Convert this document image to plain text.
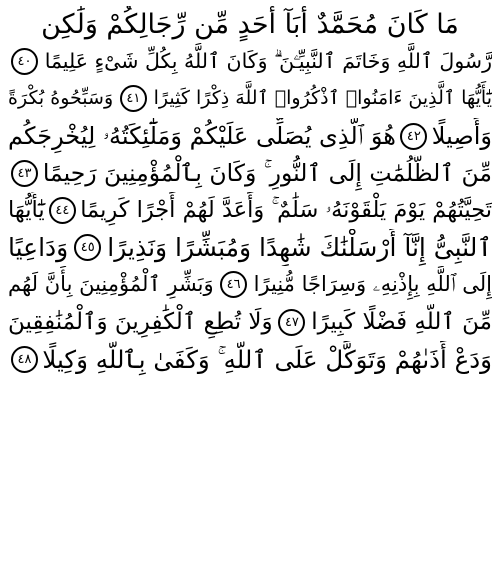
مَا كَانَ مُحَمَّدٌ أَبَآ أَحَدٍ مِّن رِّجَالِكُمْ وَلَٰكِن
رَّسُولَ ٱللَّهِ وَخَاتَمَ ٱلنَّبِيِّـۧنَ ۗ وَكَانَ ٱللَّهُ بِكُلِّ شَىْءٍ عَلِيمًا
٤٠
يَٰٓأَيُّهَا ٱلَّذِينَ ءَامَنُوا۟ ٱذْكُرُوا۟ ٱللَّهَ ذِكْرًا كَثِيرًا
٤١
وَسَبِّحُوهُ بُكْرَةً
وَأَصِيلًا
٤٢
هُوَ ٱلَّذِى يُصَلِّى عَلَيْكُمْ وَمَلَٰٓئِكَتُهُۥ لِيُخْرِجَكُم
مِّنَ ٱلظُّلُمَٰتِ إِلَى ٱلنُّورِ ۚ وَكَانَ بِٱلْمُؤْمِنِينَ رَحِيمًا
٤٣
تَحِيَّتُهُمْ يَوْمَ يَلْقَوْنَهُۥ سَلَٰمٌ ۚ وَأَعَدَّ لَهُمْ أَجْرًا كَرِيمًا
٤٤
يَٰٓأَيُّهَا
ٱلنَّبِىُّ إِنَّآ أَرْسَلْنَٰكَ شَٰهِدًا وَمُبَشِّرًا وَنَذِيرًا
٤٥
وَدَاعِيًا
إِلَى ٱللَّهِ بِإِذْنِهِۦ وَسِرَاجًا مُّنِيرًا
٤٦
وَبَشِّرِ ٱلْمُؤْمِنِينَ بِأَنَّ لَهُم
مِّنَ ٱللَّهِ فَضْلًا كَبِيرًا
٤٧
وَلَا تُطِعِ ٱلْكَٰفِرِينَ وَٱلْمُنَٰفِقِينَ
وَدَعْ أَذَىٰهُمْ وَتَوَكَّلْ عَلَى ٱللَّهِ ۚ وَكَفَىٰ بِٱللَّهِ وَكِيلًا
٤٨
